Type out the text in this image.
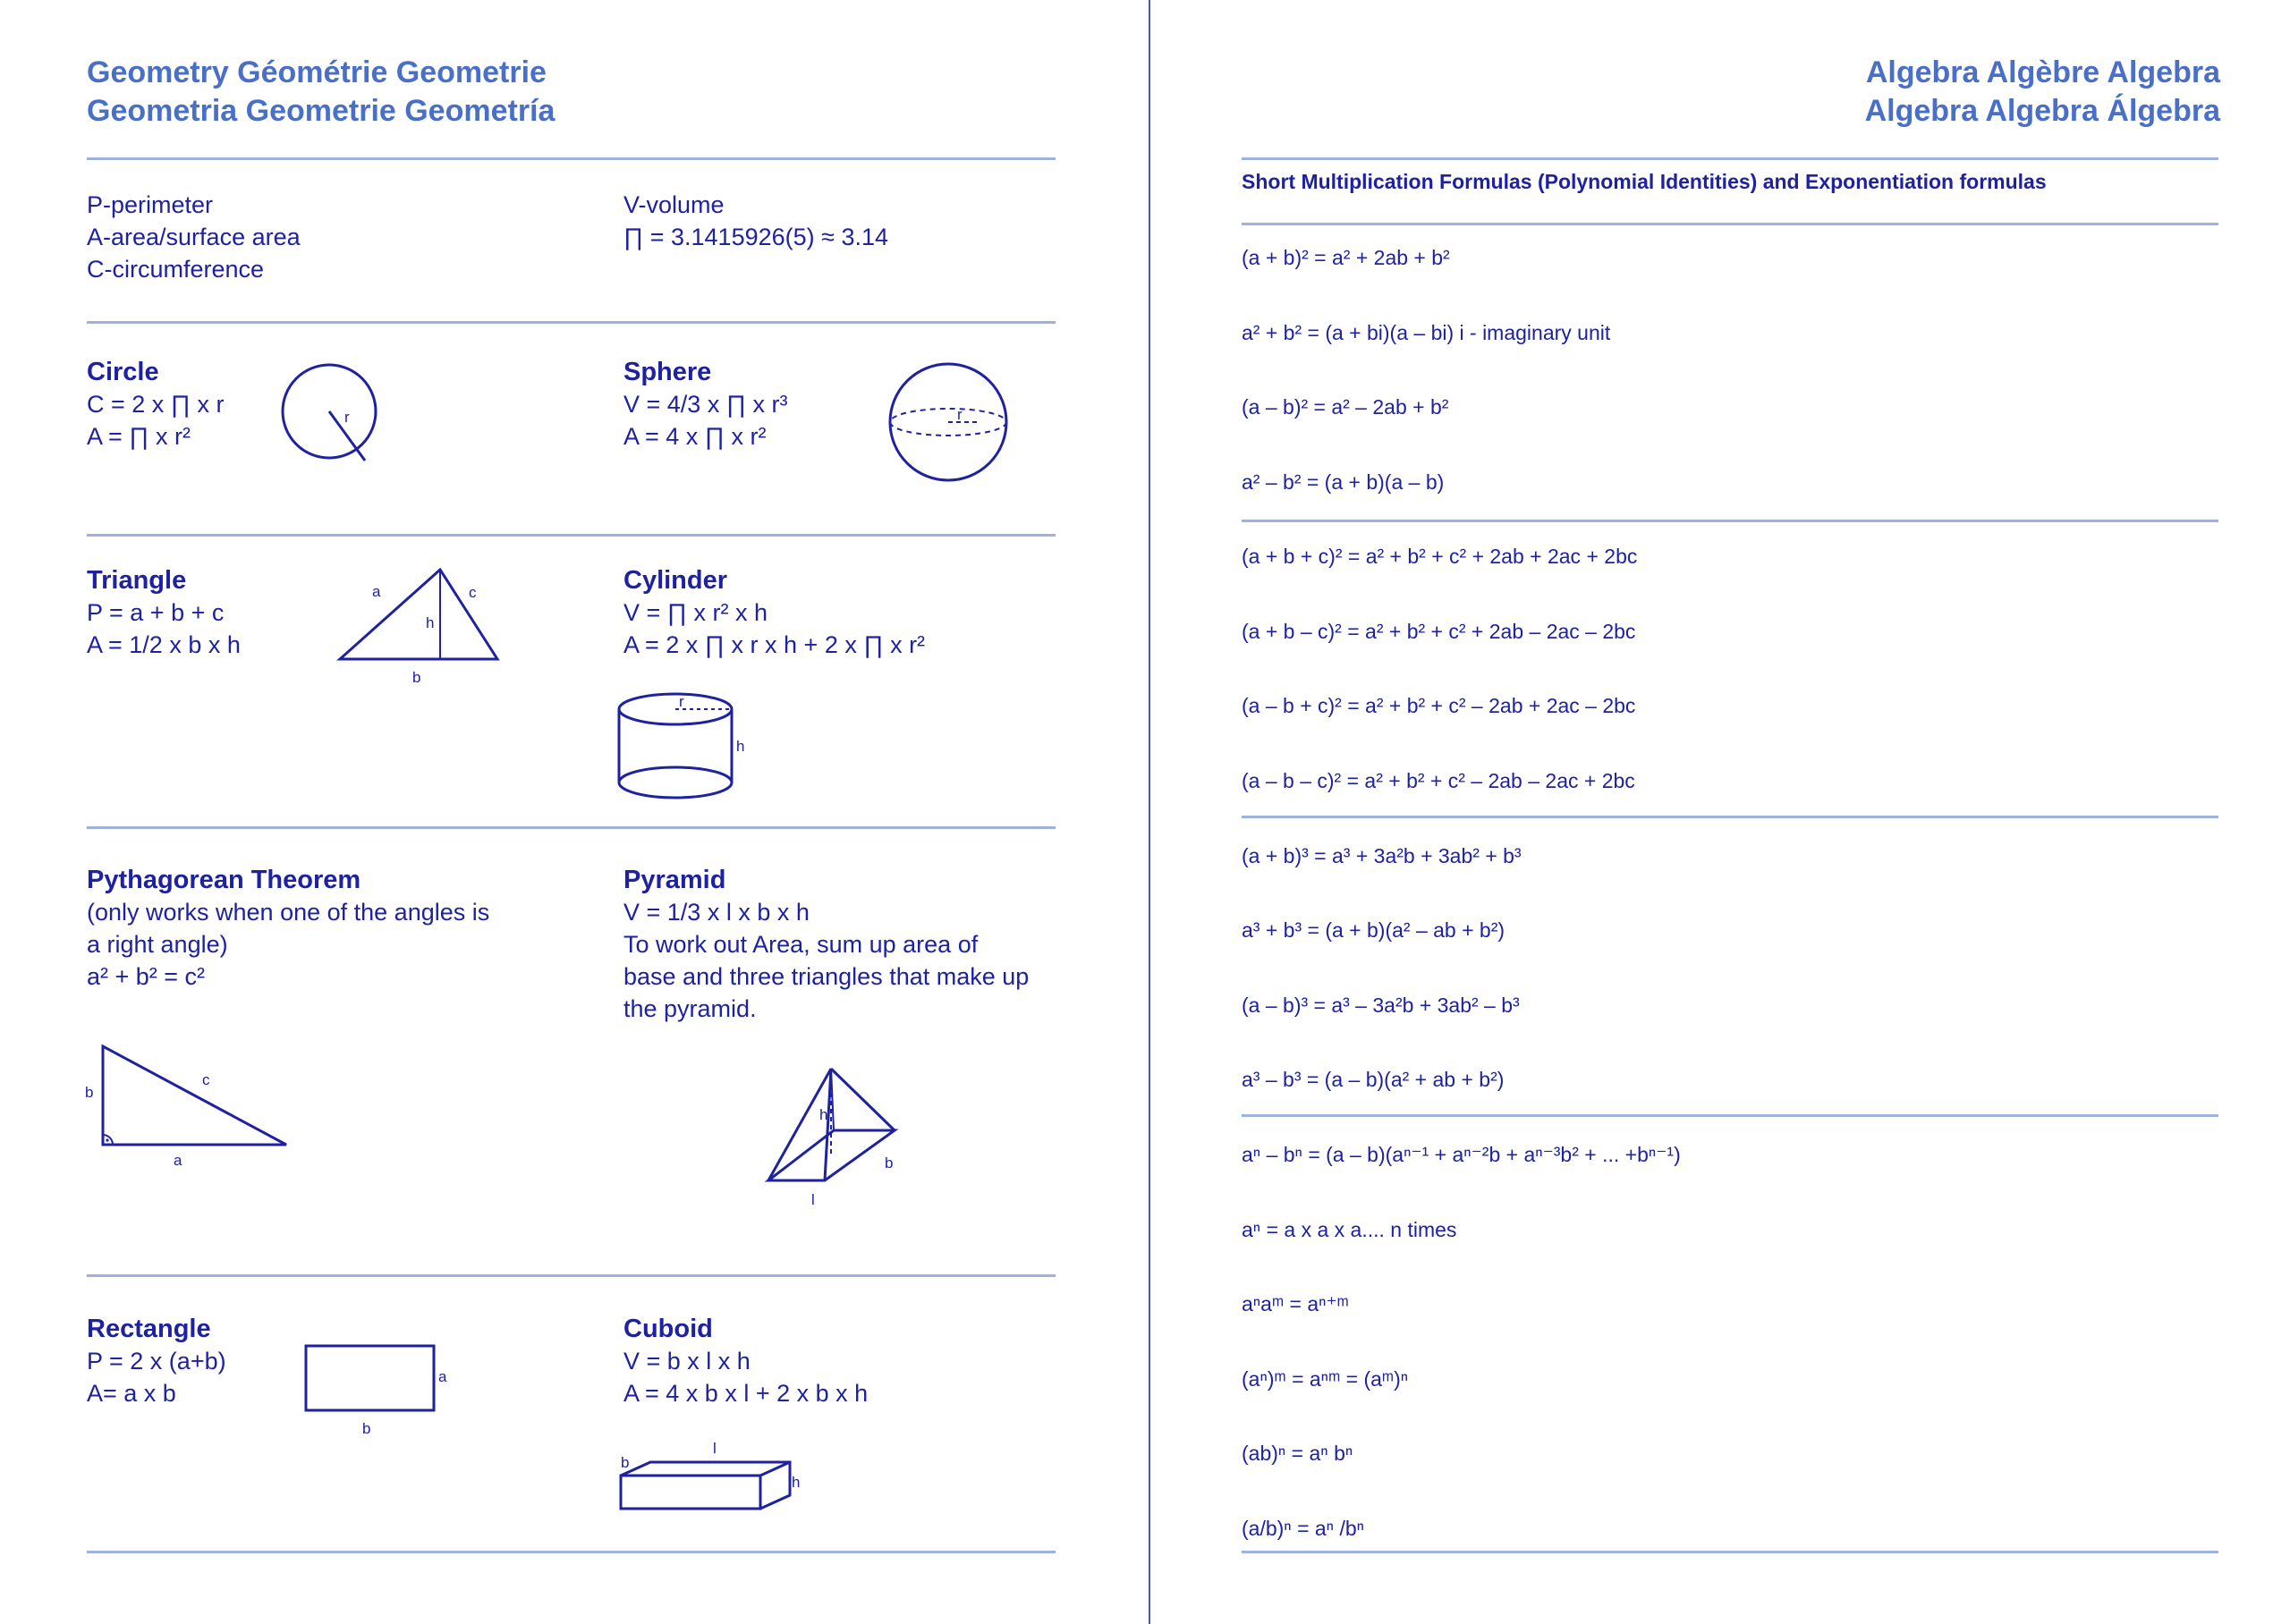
Geometry Géométrie Geometrie
Geometria Geometrie Geometría
P-perimeter
A-area/surface area
C-circumference
V-volume
∏ = 3.1415926(5) ≈ 3.14
Circle
C = 2 x ∏ x r
A = ∏ x r²
r
Sphere
V = 4/3 x ∏ x r³
A = 4 x ∏ x r²
r
Triangle
P = a + b + c
A = 1/2 x b x h
a	c
h
b
Cylinder
V = ∏ x r² x h
A = 2 x ∏ x r x h + 2 x ∏ x r²
r
h
Pythagorean Theorem
(only works when one of the angles is
a right angle)
a² + b² = c²
b
c
a
Pyramid
V = 1/3 x l x b x h
To work out Area, sum up area of
base and three triangles that make up
the pyramid.
h
b
l
Rectangle
P = 2 x (a+b)
A= a x b
a
b
Cuboid
V = b x l x h
A = 4 x b x l + 2 x b x h
b
l
h
Algebra Algèbre Algebra
Algebra Algebra Álgebra
Short Multiplication Formulas (Polynomial Identities) and Exponentiation formulas
(a + b)² = a² + 2ab + b²
a² + b² = (a + bi)(a – bi) i - imaginary unit
(a – b)² = a² – 2ab + b²
a² – b² = (a + b)(a – b)
(a + b + c)² = a² + b² + c² + 2ab + 2ac + 2bc
(a + b – c)² = a² + b² + c² + 2ab – 2ac – 2bc
(a – b + c)² = a² + b² + c² – 2ab + 2ac – 2bc
(a – b – c)² = a² + b² + c² – 2ab – 2ac + 2bc
(a + b)³ = a³ + 3a²b + 3ab² + b³
a³ + b³ = (a + b)(a² – ab + b²)
(a – b)³ = a³ – 3a²b + 3ab² – b³
a³ – b³ = (a – b)(a² + ab + b²)
aⁿ – bⁿ = (a – b)(aⁿ⁻¹ + aⁿ⁻²b + aⁿ⁻³b² + ... +bⁿ⁻¹)
aⁿ = a x a x a.... n times
aⁿaᵐ = aⁿ⁺ᵐ
(aⁿ)ᵐ = aⁿᵐ = (aᵐ)ⁿ
(ab)ⁿ = aⁿ bⁿ
(a/b)ⁿ = aⁿ /bⁿ
